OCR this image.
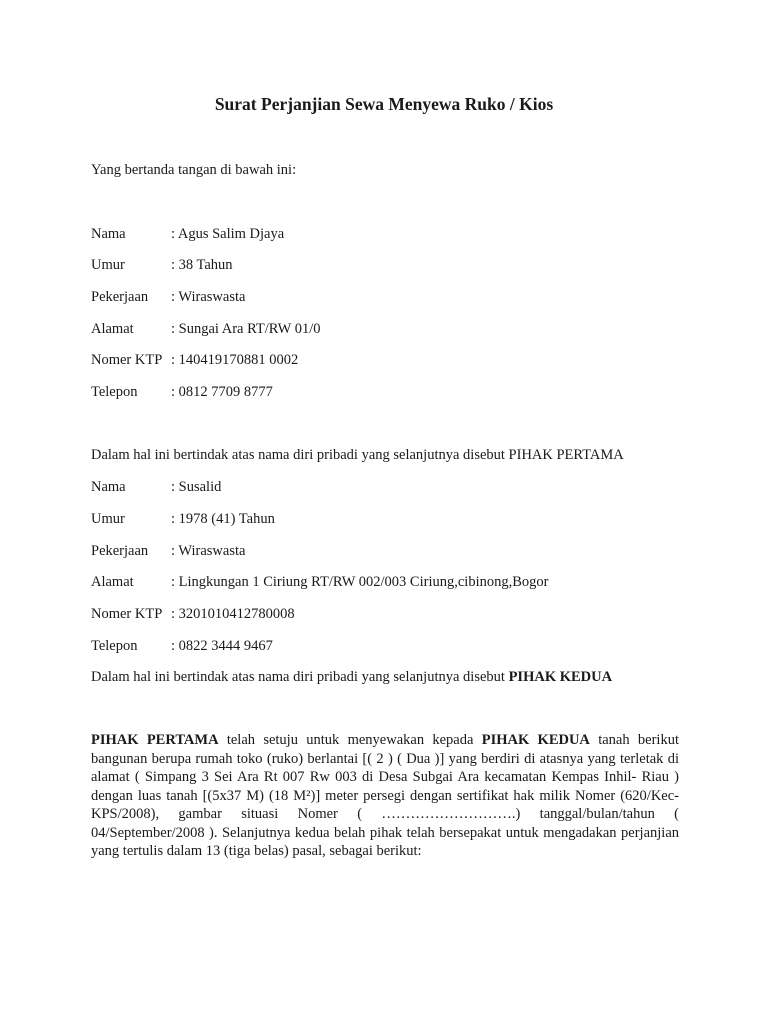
Surat Perjanjian Sewa Menyewa Ruko / Kios
Yang bertanda tangan di bawah ini:
Nama	: Agus Salim Djaya
Umur	: 38 Tahun
Pekerjaan : Wiraswasta
Alamat	: Sungai Ara RT/RW 01/0
Nomer KTP : 140419170881 0002
Telepon : 0812 7709 8777
Dalam hal ini bertindak atas nama diri pribadi yang selanjutnya disebut PIHAK PERTAMA
Nama	: Susalid
Umur	: 1978 (41) Tahun
Pekerjaan : Wiraswasta
Alamat	: Lingkungan 1 Ciriung RT/RW 002/003 Ciriung,cibinong,Bogor
Nomer KTP : 3201010412780008
Telepon : 0822 3444 9467
Dalam hal ini bertindak atas nama diri pribadi yang selanjutnya disebut PIHAK KEDUA
PIHAK PERTAMA telah setuju untuk menyewakan kepada PIHAK KEDUA tanah berikut bangunan berupa rumah toko (ruko) berlantai [( 2 ) ( Dua )] yang berdiri di atasnya yang terletak di alamat ( Simpang 3 Sei Ara Rt 007 Rw 003 di Desa Subgai Ara kecamatan Kempas Inhil- Riau ) dengan luas tanah [(5x37 M) (18 M²)] meter persegi dengan sertifikat hak milik Nomer (620/Kec-KPS/2008), gambar situasi Nomer ( ……………………….) tanggal/bulan/tahun ( 04/September/2008 ). Selanjutnya kedua belah pihak telah bersepakat untuk mengadakan perjanjian yang tertulis dalam 13 (tiga belas) pasal, sebagai berikut:
